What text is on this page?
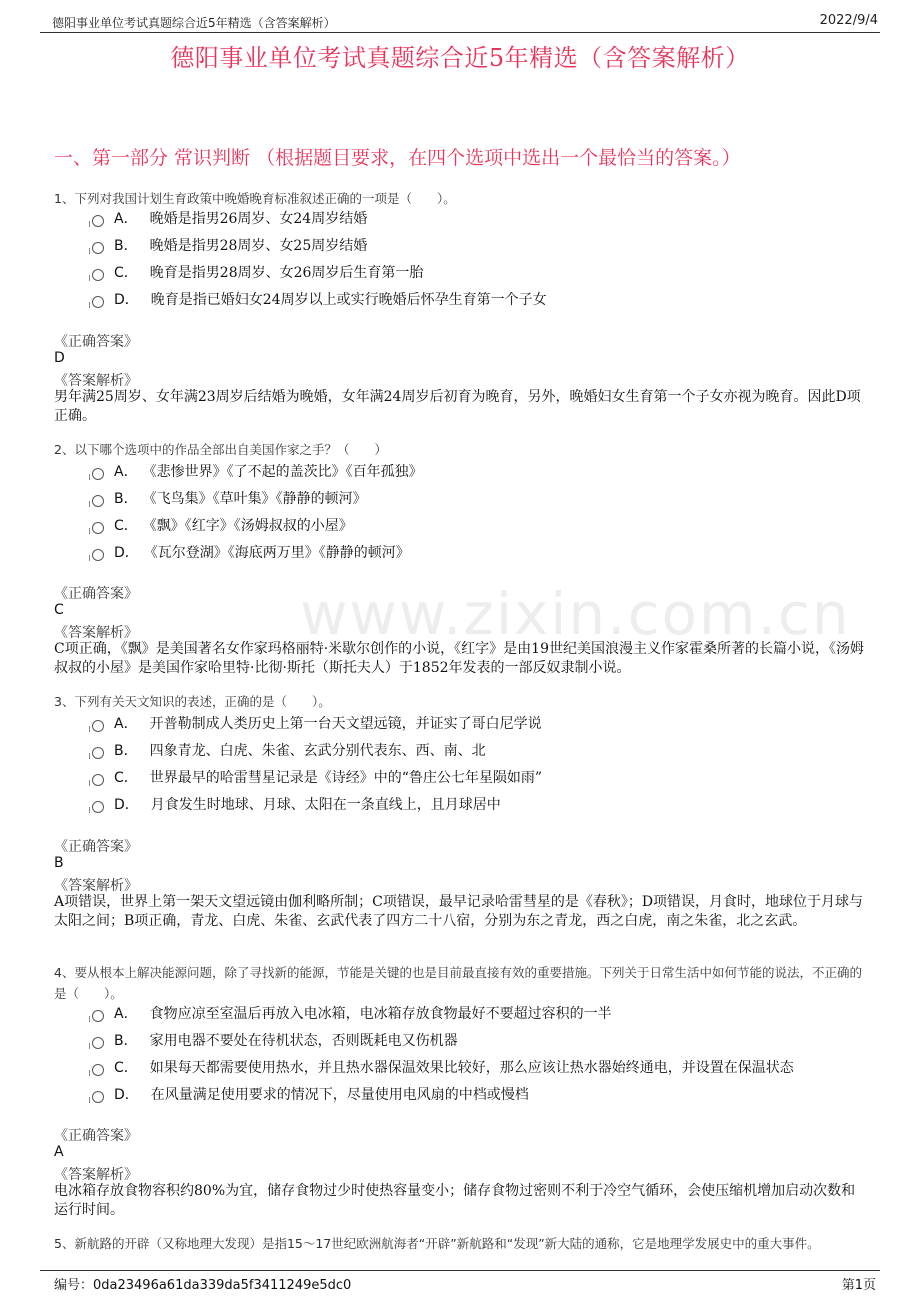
德阳事业单位考试真题综合近5年精选（含答案解析）	2022/9/4
www.zixin.com.cn
德阳事业单位考试真题综合近5年精选（含答案解析）
一、第一部分 常识判断 （根据题目要求，在四个选项中选出一个最恰当的答案。）
1、下列对我国计划生育政策中晚婚晚育标准叙述正确的一项是（　　）。
A． 晚婚是指男26周岁、女24周岁结婚
B． 晚婚是指男28周岁、女25周岁结婚
C． 晚育是指男28周岁、女26周岁后生育第一胎
D． 晚育是指已婚妇女24周岁以上或实行晚婚后怀孕生育第一个子女
《正确答案》
D
《答案解析》
男年满25周岁、女年满23周岁后结婚为晚婚，女年满24周岁后初育为晚育，另外，晚婚妇女生育第一个子女亦视为晚育。因此D项正确。
2、以下哪个选项中的作品全部出自美国作家之手？（　　）
A． 《悲惨世界》《了不起的盖茨比》《百年孤独》
B． 《飞鸟集》《草叶集》《静静的顿河》
C． 《飘》《红字》《汤姆叔叔的小屋》
D． 《瓦尔登湖》《海底两万里》《静静的顿河》
《正确答案》
C
《答案解析》
C项正确，《飘》是美国著名女作家玛格丽特·米歇尔创作的小说，《红字》是由19世纪美国浪漫主义作家霍桑所著的长篇小说，《汤姆叔叔的小屋》是美国作家哈里特·比彻·斯托（斯托夫人）于1852年发表的一部反奴隶制小说。
3、下列有关天文知识的表述，正确的是（　　）。
A． 开普勒制成人类历史上第一台天文望远镜，并证实了哥白尼学说
B． 四象青龙、白虎、朱雀、玄武分别代表东、西、南、北
C． 世界最早的哈雷彗星记录是《诗经》中的“鲁庄公七年星陨如雨”
D． 月食发生时地球、月球、太阳在一条直线上，且月球居中
《正确答案》
B
《答案解析》
A项错误，世界上第一架天文望远镜由伽利略所制；C项错误，最早记录哈雷彗星的是《春秋》；D项错误，月食时，地球位于月球与太阳之间；B项正确，青龙、白虎、朱雀、玄武代表了四方二十八宿，分别为东之青龙，西之白虎，南之朱雀，北之玄武。
4、要从根本上解决能源问题，除了寻找新的能源，节能是关键的也是目前最直接有效的重要措施。下列关于日常生活中如何节能的说法，不正确的是（　　）。
A． 食物应凉至室温后再放入电冰箱，电冰箱存放食物最好不要超过容积的一半
B． 家用电器不要处在待机状态，否则既耗电又伤机器
C． 如果每天都需要使用热水，并且热水器保温效果比较好，那么应该让热水器始终通电，并设置在保温状态
D． 在风量满足使用要求的情况下，尽量使用电风扇的中档或慢档
《正确答案》
A
《答案解析》
电冰箱存放食物容积约80%为宜，储存食物过少时使热容量变小；储存食物过密则不利于冷空气循环，会使压缩机增加启动次数和运行时间。
5、新航路的开辟（又称地理大发现）是指15～17世纪欧洲航海者“开辟”新航路和“发现”新大陆的通称，它是地理学发展史中的重大事件。
编号：0da23496a61da339da5f3411249e5dc0	第1页
